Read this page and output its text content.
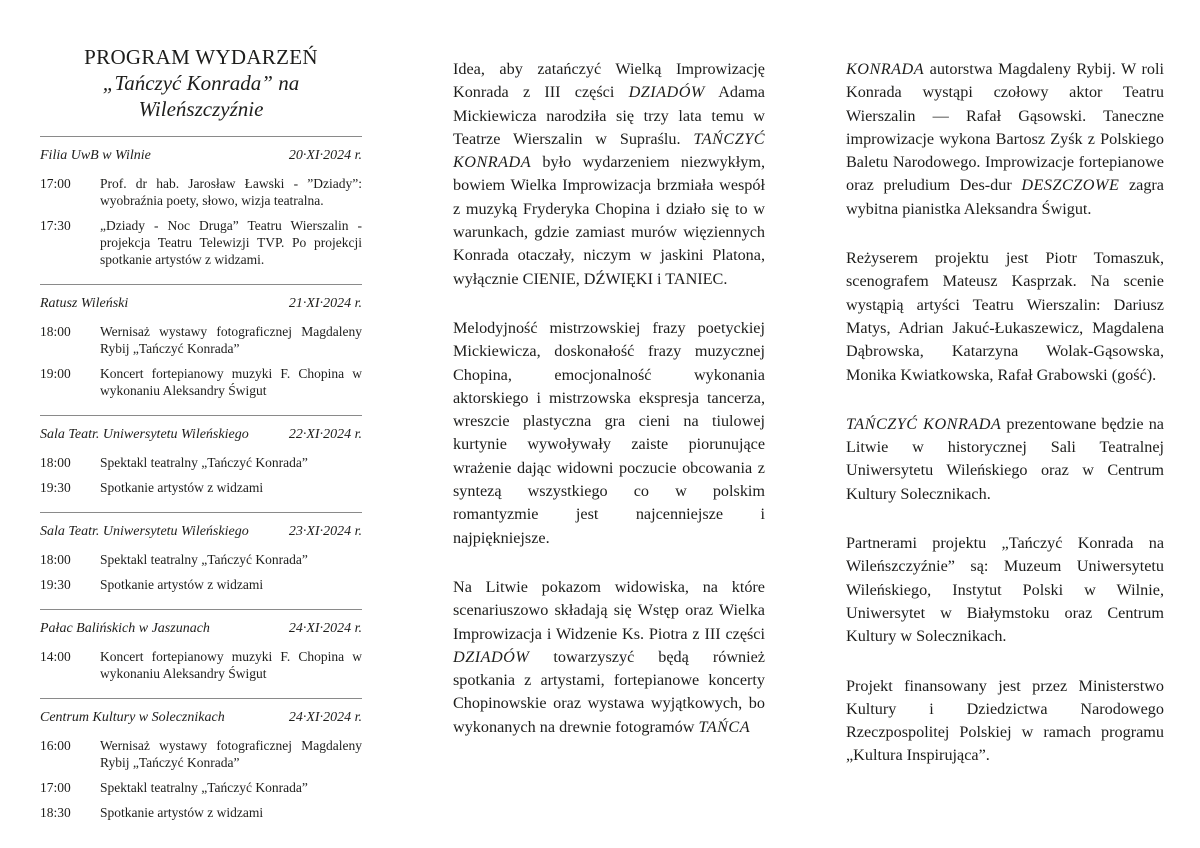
PROGRAM WYDARZEŃ
„Tańczyć Konrada” na Wileńszczyźnie
Filia UwB w Wilnie	20·XI·2024 r.
17:00	Prof. dr hab. Jarosław Ławski - ”Dziady”: wyobraźnia poety, słowo, wizja teatralna.
17:30	„Dziady - Noc Druga” Teatru Wierszalin - projekcja Teatru Telewizji TVP. Po projekcji spotkanie artystów z widzami.
Ratusz Wileński	21·XI·2024 r.
18:00	Wernisaż wystawy fotograficznej Magdaleny Rybij „Tańczyć Konrada”
19:00	Koncert fortepianowy muzyki F. Chopina w wykonaniu Aleksandry Świgut
Sala Teatr. Uniwersytetu Wileńskiego	22·XI·2024 r.
18:00	Spektakl teatralny „Tańczyć Konrada”
19:30	Spotkanie artystów z widzami
Sala Teatr. Uniwersytetu Wileńskiego	23·XI·2024 r.
18:00	Spektakl teatralny „Tańczyć Konrada”
19:30	Spotkanie artystów z widzami
Pałac Balińskich w Jaszunach	24·XI·2024 r.
14:00	Koncert fortepianowy muzyki F. Chopina w wykonaniu Aleksandry Świgut
Centrum Kultury w Solecznikach	24·XI·2024 r.
16:00	Wernisaż wystawy fotograficznej Magdaleny Rybij „Tańczyć Konrada”
17:00	Spektakl teatralny „Tańczyć Konrada”
18:30	Spotkanie artystów z widzami

Idea, aby zatańczyć Wielką Improwizację Konrada z III części DZIADÓW Adama Mickiewicza narodziła się trzy lata temu w Teatrze Wierszalin w Supraślu. TAŃCZYĆ KONRADA było wydarzeniem niezwykłym, bowiem Wielka Improwizacja brzmiała wespół z muzyką Fryderyka Chopina i działo się to w warunkach, gdzie zamiast murów więziennych Konrada otaczały, niczym w jaskini Platona, wyłącznie CIENIE, DŹWIĘKI i TANIEC.

Melodyjność mistrzowskiej frazy poetyckiej Mickiewicza, doskonałość frazy muzycznej Chopina, emocjonalność wykonania aktorskiego i mistrzowska ekspresja tancerza, wreszcie plastyczna gra cieni na tiulowej kurtynie wywoływały zaiste piorunujące wrażenie dając widowni poczucie obcowania z syntezą wszystkiego co w polskim romantyzmie jest najcenniejsze i najpiękniejsze.

Na Litwie pokazom widowiska, na które scenariuszowo składają się Wstęp oraz Wielka Improwizacja i Widzenie Ks. Piotra z III części DZIADÓW towarzyszyć będą również spotkania z artystami, fortepianowe koncerty Chopinowskie oraz wystawa wyjątkowych, bo wykonanych na drewnie fotogramów TAŃCA

KONRADA autorstwa Magdaleny Rybij. W roli Konrada wystąpi czołowy aktor Teatru Wierszalin — Rafał Gąsowski. Taneczne improwizacje wykona Bartosz Zyśk z Polskiego Baletu Narodowego. Improwizacje fortepianowe oraz preludium Des-dur DESZCZOWE zagra wybitna pianistka Aleksandra Świgut.

Reżyserem projektu jest Piotr Tomaszuk, scenografem Mateusz Kasprzak. Na scenie wystąpią artyści Teatru Wierszalin: Dariusz Matys, Adrian Jakuć-Łukaszewicz, Magdalena Dąbrowska, Katarzyna Wolak-Gąsowska, Monika Kwiatkowska, Rafał Grabowski (gość).

TAŃCZYĆ KONRADA prezentowane będzie na Litwie w historycznej Sali Teatralnej Uniwersytetu Wileńskiego oraz w Centrum Kultury Solecznikach.

Partnerami projektu „Tańczyć Konrada na Wileńszczyźnie” są: Muzeum Uniwersytetu Wileńskiego, Instytut Polski w Wilnie, Uniwersytet w Białymstoku oraz Centrum Kultury w Solecznikach.

Projekt finansowany jest przez Ministerstwo Kultury i Dziedzictwa Narodowego Rzeczpospolitej Polskiej w ramach programu „Kultura Inspirująca”.
